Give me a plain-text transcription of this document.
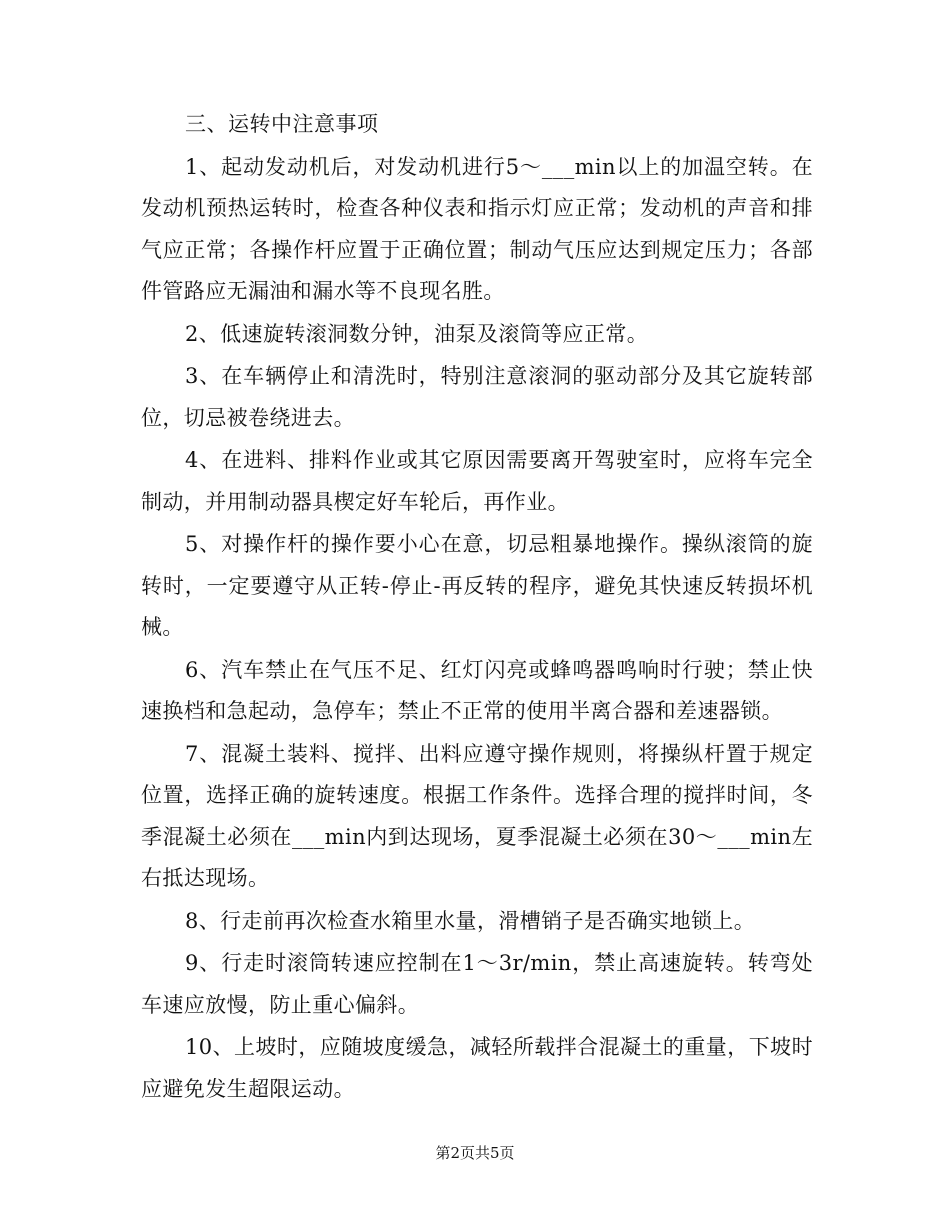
三、运转中注意事项

1、起动发动机后，对发动机进行5～___min以上的加温空转。在发动机预热运转时，检查各种仪表和指示灯应正常；发动机的声音和排气应正常；各操作杆应置于正确位置；制动气压应达到规定压力；各部件管路应无漏油和漏水等不良现名胜。

2、低速旋转滚洞数分钟，油泵及滚筒等应正常。

3、在车辆停止和清洗时，特别注意滚洞的驱动部分及其它旋转部位，切忌被卷绕进去。

4、在进料、排料作业或其它原因需要离开驾驶室时，应将车完全制动，并用制动器具楔定好车轮后，再作业。

5、对操作杆的操作要小心在意，切忌粗暴地操作。操纵滚筒的旋转时，一定要遵守从正转-停止-再反转的程序，避免其快速反转损坏机械。

6、汽车禁止在气压不足、红灯闪亮或蜂鸣器鸣响时行驶；禁止快速换档和急起动，急停车；禁止不正常的使用半离合器和差速器锁。

7、混凝土装料、搅拌、出料应遵守操作规则，将操纵杆置于规定位置，选择正确的旋转速度。根据工作条件。选择合理的搅拌时间，冬季混凝土必须在___min内到达现场，夏季混凝土必须在30～___min左右抵达现场。

8、行走前再次检查水箱里水量，滑槽销子是否确实地锁上。

9、行走时滚筒转速应控制在1～3r/min，禁止高速旋转。转弯处车速应放慢，防止重心偏斜。

10、上坡时，应随坡度缓急，减轻所载拌合混凝土的重量，下坡时应避免发生超限运动。

第2页共5页
